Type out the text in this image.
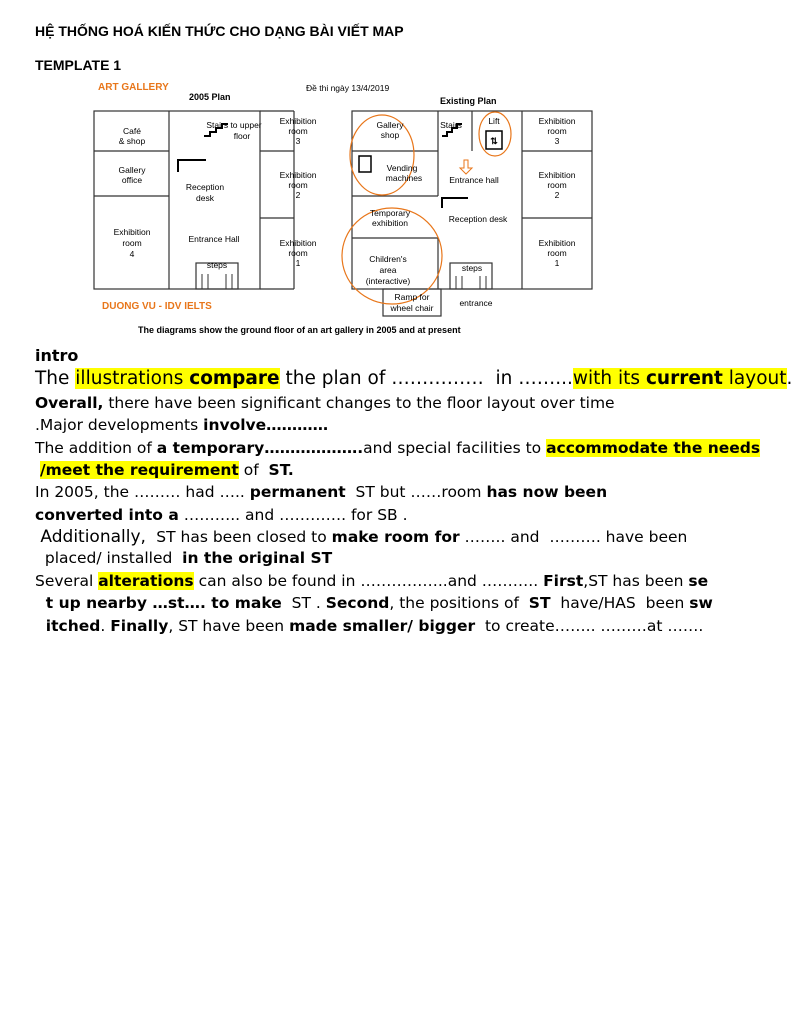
HỆ THỐNG HOÁ KIẾN THỨC CHO DẠNG BÀI VIẾT MAP
TEMPLATE 1
ART GALLERY
2005 Plan
Đề thi ngày 13/4/2019
Existing Plan
Café & shop
Stairs to upper floor
Exhibition room 3
Gallery office
Reception desk
Exhibition room 2
Exhibition room 4
Entrance Hall	Exhibition room 1
steps
⇅
Gallery shop
Stairs	Lift	Exhibition room 3
Vending machines	Entrance hall	Exhibition room 2
Temporary exhibition	Reception desk
Children's area (interactive)
Exhibition room 1
steps
Ramp for wheel chair	entrance
DUONG VU - IDV IELTS
The diagrams show the ground floor of an art gallery in 2005 and at present
intro
The illustrations compare the plan of ……………  in ……...with its current layout.
Overall, there have been significant changes to the floor layout over time
.Major developments involve…………
The addition of a temporary……………….and special facilities to accommodate the needs
/meet the requirement of  ST.
In 2005, the ……… had ….. permanent  ST but ……room has now been
converted into a ……….. and …………. for SB .
Additionally,  ST has been closed to make room for …….. and  ………. have been
placed/ installed  in the original ST
Several alterations can also be found in ……………..and ……….. First,ST has been se
t up nearby …st…. to make  ST . Second, the positions of  ST  have/HAS  been sw
itched. Finally, ST have been made smaller/ bigger  to create…….. ………at …….
